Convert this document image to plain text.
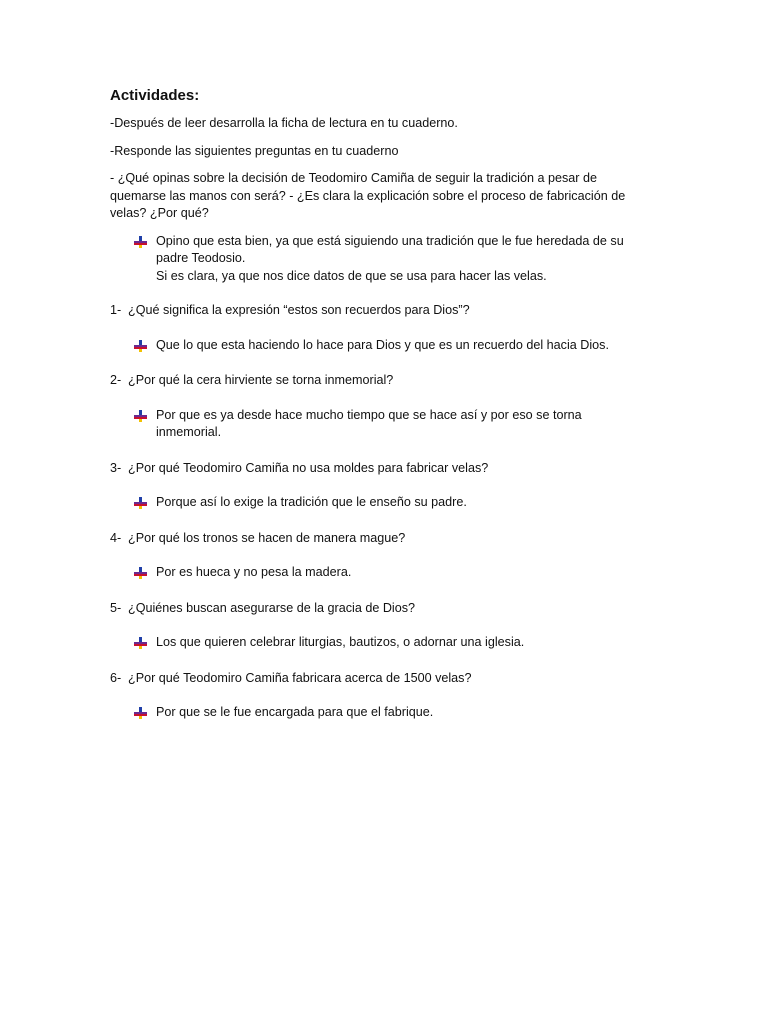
Actividades:

-Después de leer desarrolla la ficha de lectura en tu cuaderno.

-Responde las siguientes preguntas en tu cuaderno

- ¿Qué opinas sobre la decisión de Teodomiro Camiña de seguir la tradición a pesar de quemarse las manos con será? - ¿Es clara la explicación sobre el proceso de fabricación de velas? ¿Por qué?

Opino que esta bien, ya que está siguiendo una tradición que le fue heredada de su padre Teodosio.
Si es clara, ya que nos dice datos de que se usa para hacer las velas.
1- ¿Qué significa la expresión “estos son recuerdos para Dios”?
Que lo que esta haciendo lo hace para Dios y que es un recuerdo del hacia Dios.
2- ¿Por qué la cera hirviente se torna inmemorial?
Por que es ya desde hace mucho tiempo que se hace así y por eso se torna inmemorial.
3- ¿Por qué Teodomiro Camiña no usa moldes para fabricar velas?
Porque así lo exige la tradición que le enseño su padre.
4- ¿Por qué los tronos se hacen de manera mague?
Por es hueca y no pesa la madera.
5- ¿Quiénes buscan asegurarse de la gracia de Dios?
Los que quieren celebrar liturgias, bautizos, o adornar una iglesia.
6- ¿Por qué Teodomiro Camiña fabricara acerca de 1500 velas?
Por que se le fue encargada para que el fabrique.
